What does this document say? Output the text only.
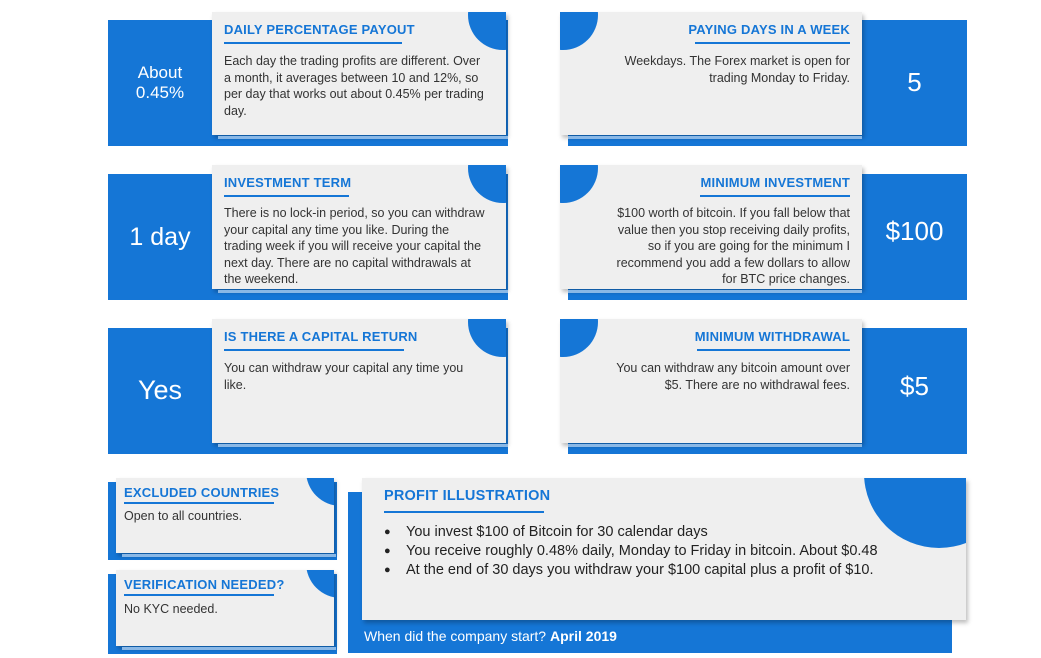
About
0.45%
DAILY PERCENTAGE PAYOUT
Each day the trading profits are different. Over a month, it averages between 10 and 12%, so per day that works out about 0.45% per trading day.
5
PAYING DAYS IN A WEEK
Weekdays. The Forex market is open for trading Monday to Friday.
1 day
INVESTMENT TERM
There is no lock-in period, so you can withdraw your capital any time you like. During the trading week if you will receive your capital the next day. There are no capital withdrawals at the weekend.
$100
MINIMUM INVESTMENT
$100 worth of bitcoin. If you fall below that value then you stop receiving daily profits, so if you are going for the minimum I recommend you add a few dollars to allow for BTC price changes.
Yes
IS THERE A CAPITAL RETURN
You can withdraw your capital any time you like.	$5
MINIMUM WITHDRAWAL
You can withdraw any bitcoin amount over $5. There are no withdrawal fees.
EXCLUDED COUNTRIES
Open to all countries.
VERIFICATION NEEDED?
No KYC needed.
PROFIT ILLUSTRATION
● You invest $100 of Bitcoin for 30 calendar days
● You receive roughly 0.48% daily, Monday to Friday in bitcoin. About $0.48
● At the end of 30 days you withdraw your $100 capital plus a profit of $10.
When did the company start? April 2019
